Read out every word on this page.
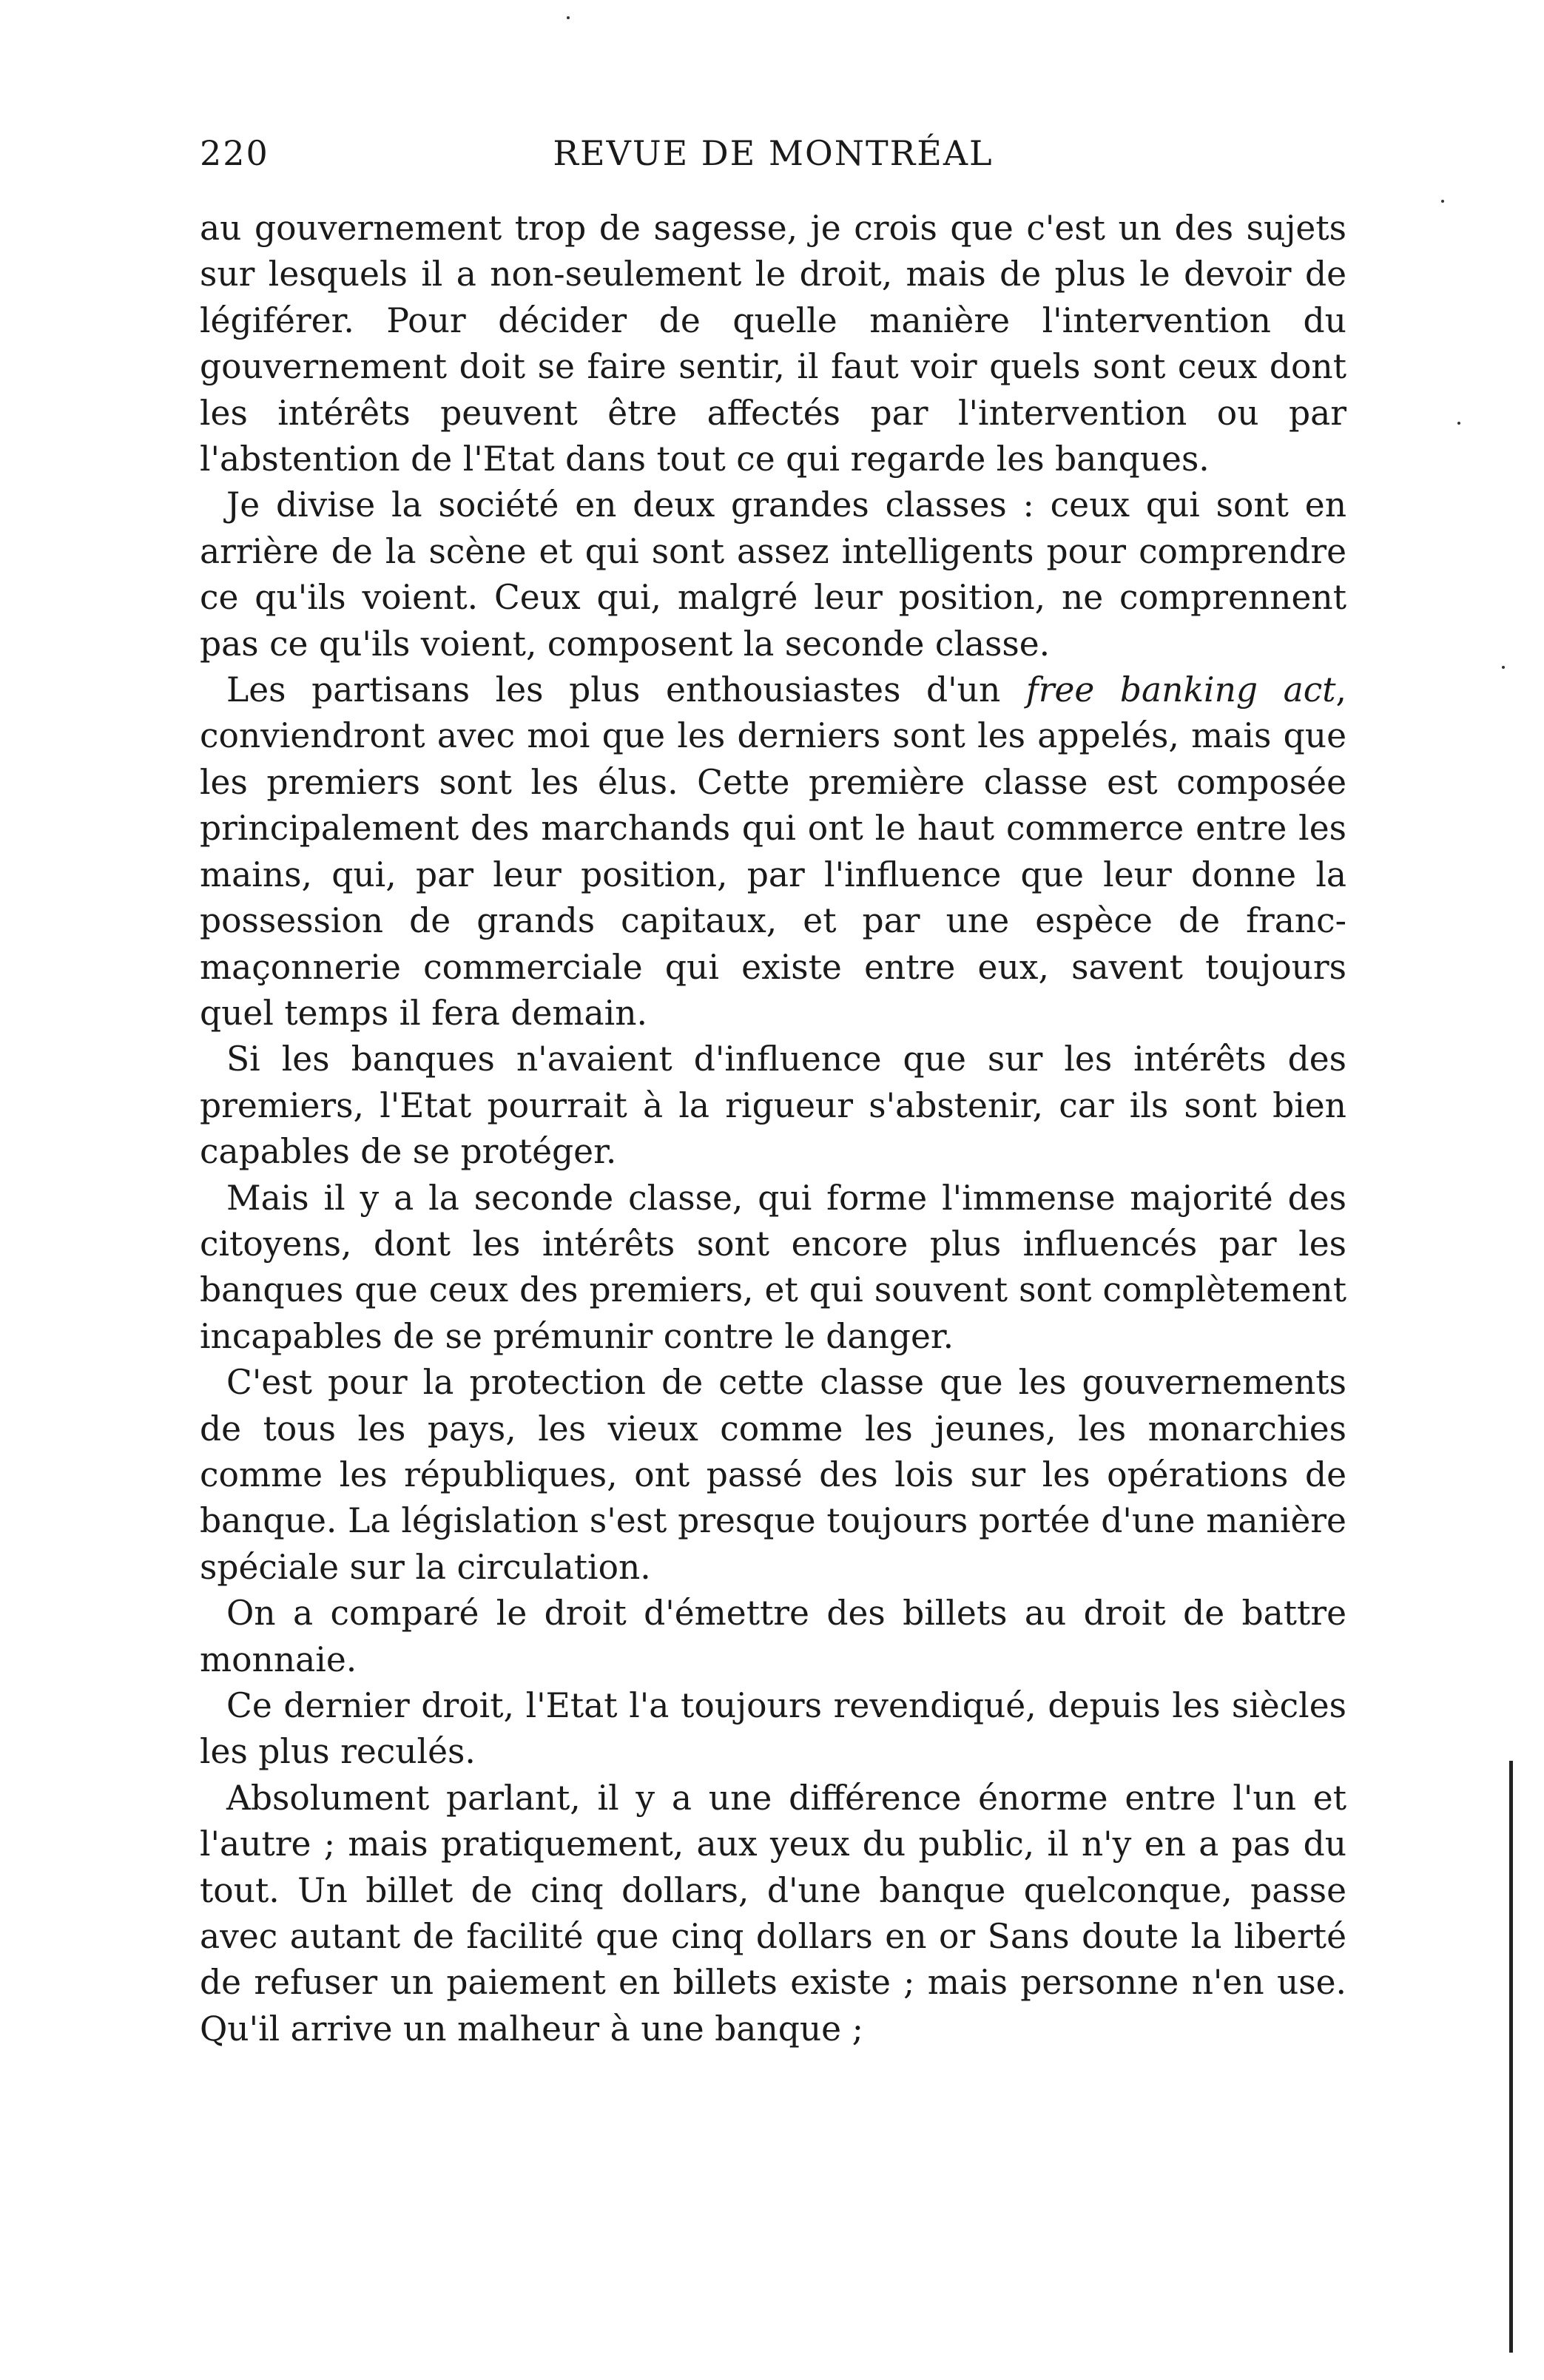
220	REVUE DE MONTRÉAL

au gouvernement trop de sagesse, je crois que c'est un des sujets sur lesquels il a non-seulement le droit, mais de plus le devoir de légiférer. Pour décider de quelle manière l'intervention du gouvernement doit se faire sentir, il faut voir quels sont ceux dont les intérêts peuvent être affectés par l'intervention ou par l'abstention de l'Etat dans tout ce qui regarde les banques.

Je divise la société en deux grandes classes : ceux qui sont en arrière de la scène et qui sont assez intelligents pour comprendre ce qu'ils voient. Ceux qui, malgré leur position, ne comprennent pas ce qu'ils voient, composent la seconde classe.

Les partisans les plus enthousiastes d'un free banking act, conviendront avec moi que les derniers sont les appelés, mais que les premiers sont les élus. Cette première classe est composée principalement des marchands qui ont le haut commerce entre les mains, qui, par leur position, par l'influence que leur donne la possession de grands capitaux, et par une espèce de franc-maçonnerie commerciale qui existe entre eux, savent toujours quel temps il fera demain.

Si les banques n'avaient d'influence que sur les intérêts des premiers, l'Etat pourrait à la rigueur s'abstenir, car ils sont bien capables de se protéger.

Mais il y a la seconde classe, qui forme l'immense majorité des citoyens, dont les intérêts sont encore plus influencés par les banques que ceux des premiers, et qui souvent sont complètement incapables de se prémunir contre le danger.

C'est pour la protection de cette classe que les gouvernements de tous les pays, les vieux comme les jeunes, les monarchies comme les républiques, ont passé des lois sur les opérations de banque. La législation s'est presque toujours portée d'une manière spéciale sur la circulation.

On a comparé le droit d'émettre des billets au droit de battre monnaie.

Ce dernier droit, l'Etat l'a toujours revendiqué, depuis les siècles les plus reculés.

Absolument parlant, il y a une différence énorme entre l'un et l'autre ; mais pratiquement, aux yeux du public, il n'y en a pas du tout. Un billet de cinq dollars, d'une banque quelconque, passe avec autant de facilité que cinq dollars en or Sans doute la liberté de refuser un paiement en billets existe ; mais personne n'en use. Qu'il arrive un malheur à une banque ;
